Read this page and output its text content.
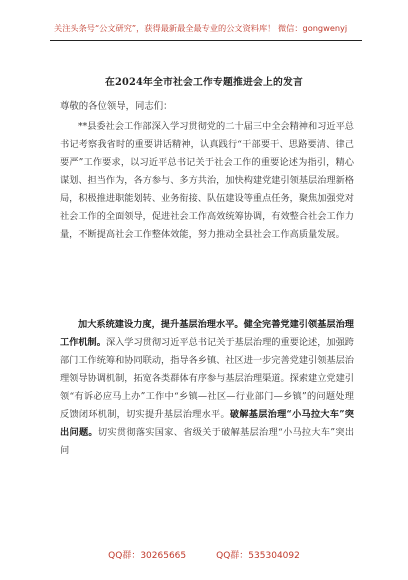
关注头条号“公文研究”，获得最新最全最专业的公文资料库！ 微信：gongwenyj
在2024年全市社会工作专题推进会上的发言
尊敬的各位领导，同志们：
**县委社会工作部深入学习贯彻党的二十届三中全会精神和习近平总书记考察我省时的重要讲话精神，认真践行“干部要干、思路要清、律己要严”工作要求，以习近平总书记关于社会工作的重要论述为指引，精心谋划、担当作为，各方参与、多方共治，加快构建党建引领基层治理新格局，积极推进职能划转、业务衔接、队伍建设等重点任务，聚焦加强党对社会工作的全面领导，促进社会工作高效统筹协调，有效整合社会工作力量，不断提高社会工作整体效能，努力推动全县社会工作高质量发展。
加大系统建设力度，提升基层治理水平。健全完善党建引领基层治理工作机制。深入学习贯彻习近平总书记关于基层治理的重要论述，加强跨部门工作统筹和协同联动，指导各乡镇、社区进一步完善党建引领基层治理领导协调机制，拓宽各类群体有序参与基层治理渠道。探索建立党建引领“有诉必应马上办”工作中“乡镇—社区—行业部门—乡镇”的问题处理反馈闭环机制，切实提升基层治理水平。破解基层治理“小马拉大车”突出问题。切实贯彻落实国家、省级关于破解基层治理“小马拉大车”突出问
QQ群：30265665	QQ群：535304092
